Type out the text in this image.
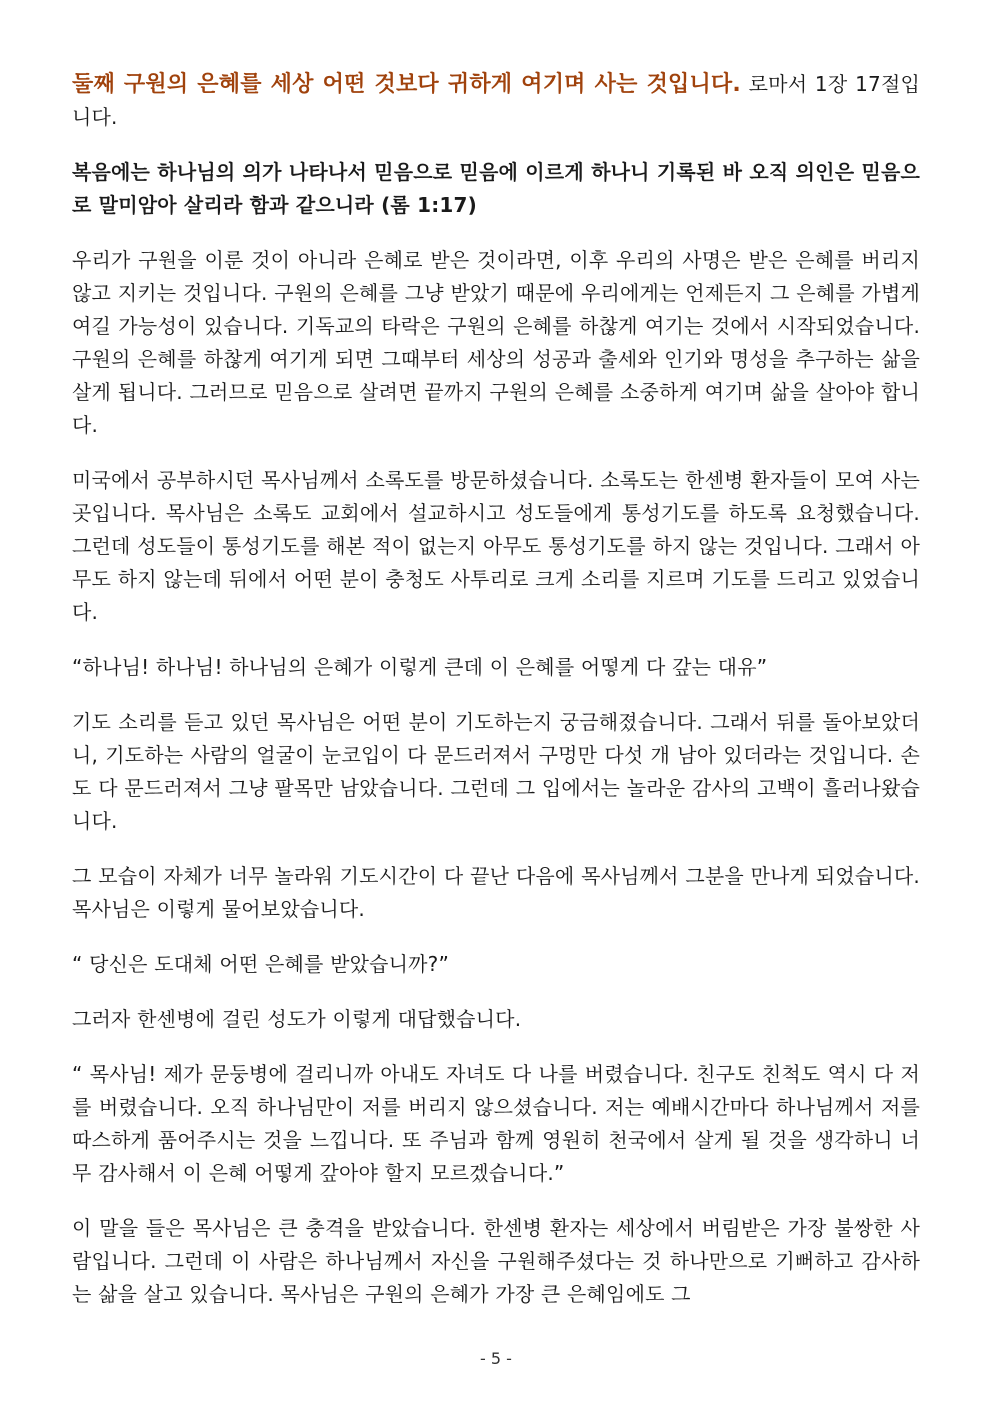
둘째 구원의 은혜를 세상 어떤 것보다 귀하게 여기며 사는 것입니다. 로마서 1장 17절입니다.

복음에는 하나님의 의가 나타나서 믿음으로 믿음에 이르게 하나니 기록된 바 오직 의인은 믿음으로 말미암아 살리라 함과 같으니라 (롬 1:17)

우리가 구원을 이룬 것이 아니라 은혜로 받은 것이라면, 이후 우리의 사명은 받은 은혜를 버리지 않고 지키는 것입니다. 구원의 은혜를 그냥 받았기 때문에 우리에게는 언제든지 그 은혜를 가볍게 여길 가능성이 있습니다. 기독교의 타락은 구원의 은혜를 하찮게 여기는 것에서 시작되었습니다. 구원의 은혜를 하찮게 여기게 되면 그때부터 세상의 성공과 출세와 인기와 명성을 추구하는 삶을 살게 됩니다. 그러므로 믿음으로 살려면 끝까지 구원의 은혜를 소중하게 여기며 삶을 살아야 합니다.

미국에서 공부하시던 목사님께서 소록도를 방문하셨습니다. 소록도는 한센병 환자들이 모여 사는 곳입니다. 목사님은 소록도 교회에서 설교하시고 성도들에게 통성기도를 하도록 요청했습니다. 그런데 성도들이 통성기도를 해본 적이 없는지 아무도 통성기도를 하지 않는 것입니다. 그래서 아무도 하지 않는데 뒤에서 어떤 분이 충청도 사투리로 크게 소리를 지르며 기도를 드리고 있었습니다.

“하나님! 하나님! 하나님의 은혜가 이렇게 큰데 이 은혜를 어떻게 다 갚는 대유”

기도 소리를 듣고 있던 목사님은 어떤 분이 기도하는지 궁금해졌습니다. 그래서 뒤를 돌아보았더니, 기도하는 사람의 얼굴이 눈코입이 다 문드러져서 구멍만 다섯 개 남아 있더라는 것입니다. 손도 다 문드러져서 그냥 팔목만 남았습니다. 그런데 그 입에서는 놀라운 감사의 고백이 흘러나왔습니다.

그 모습이 자체가 너무 놀라워 기도시간이 다 끝난 다음에 목사님께서 그분을 만나게 되었습니다. 목사님은 이렇게 물어보았습니다.

“ 당신은 도대체 어떤 은혜를 받았습니까?”

그러자 한센병에 걸린 성도가 이렇게 대답했습니다.

“ 목사님! 제가 문둥병에 걸리니까 아내도 자녀도 다 나를 버렸습니다. 친구도 친척도 역시 다 저를 버렸습니다. 오직 하나님만이 저를 버리지 않으셨습니다. 저는 예배시간마다 하나님께서 저를 따스하게 품어주시는 것을 느낍니다. 또 주님과 함께 영원히 천국에서 살게 될 것을 생각하니 너무 감사해서 이 은혜 어떻게 갚아야 할지 모르겠습니다.”

이 말을 들은 목사님은 큰 충격을 받았습니다. 한센병 환자는 세상에서 버림받은 가장 불쌍한 사람입니다. 그런데 이 사람은 하나님께서 자신을 구원해주셨다는 것 하나만으로 기뻐하고 감사하는 삶을 살고 있습니다. 목사님은 구원의 은혜가 가장 큰 은혜임에도 그

- 5 -
